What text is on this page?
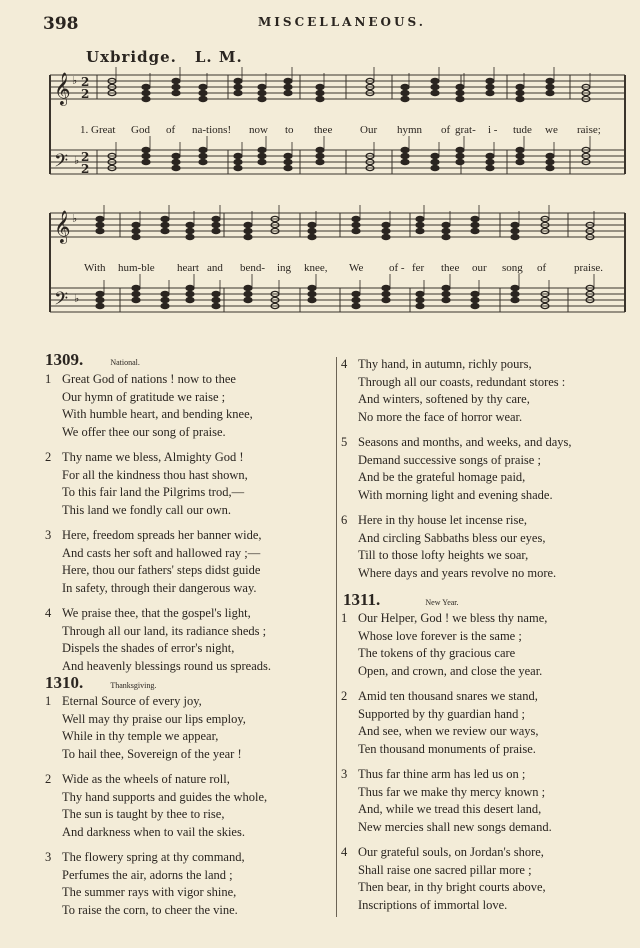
398	MISCELLANEOUS.
Uxbridge. L. M.
𝄞
𝄢
𝄞
𝄢
♭
♭
♭
♭
2
2
2
2
1. Great God of na-tions! now to thee	Our hymn of grat- i - tude we raise;
With hum-ble heart and bend- ing knee, We of - fer thee our song of	praise.
1309.	National.
1 Great God of nations ! now to thee
Our hymn of gratitude we raise ;
With humble heart, and bending knee,
We offer thee our song of praise.
2 Thy name we bless, Almighty God !
For all the kindness thou hast shown,
To this fair land the Pilgrims trod,—
This land we fondly call our own.
3 Here, freedom spreads her banner wide,
And casts her soft and hallowed ray ;—
Here, thou our fathers' steps didst guide
In safety, through their dangerous way.
4 We praise thee, that the gospel's light,
Through all our land, its radiance sheds ;
Dispels the shades of error's night,
And heavenly blessings round us spreads.
1310.	Thanksgiving.
1 Eternal Source of every joy,
Well may thy praise our lips employ,
While in thy temple we appear,
To hail thee, Sovereign of the year !
2 Wide as the wheels of nature roll,
Thy hand supports and guides the whole,
The sun is taught by thee to rise,
And darkness when to vail the skies.
3 The flowery spring at thy command,
Perfumes the air, adorns the land ;
The summer rays with vigor shine,
To raise the corn, to cheer the vine.
4 Thy hand, in autumn, richly pours,
Through all our coasts, redundant stores :
And winters, softened by thy care,
No more the face of horror wear.
5 Seasons and months, and weeks, and days,
Demand successive songs of praise ;
And be the grateful homage paid,
With morning light and evening shade.
6 Here in thy house let incense rise,
And circling Sabbaths bless our eyes,
Till to those lofty heights we soar,
Where days and years revolve no more.
1311.	New Year.
1 Our Helper, God ! we bless thy name,
Whose love forever is the same ;
The tokens of thy gracious care
Open, and crown, and close the year.
2 Amid ten thousand snares we stand,
Supported by thy guardian hand ;
And see, when we review our ways,
Ten thousand monuments of praise.
3 Thus far thine arm has led us on ;
Thus far we make thy mercy known ;
And, while we tread this desert land,
New mercies shall new songs demand.
4 Our grateful souls, on Jordan's shore,
Shall raise one sacred pillar more ;
Then bear, in thy bright courts above,
Inscriptions of immortal love.
